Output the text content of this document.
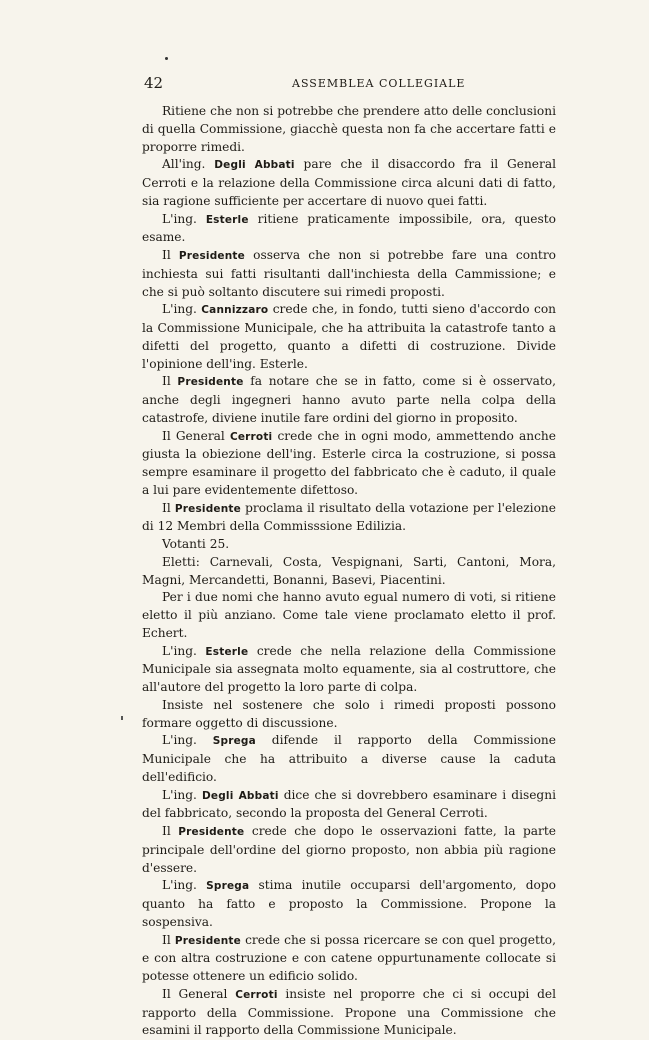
42	ASSEMBLEA COLLEGIALE

Ritiene che non si potrebbe che prendere atto delle conclusioni di quella Commissione, giacchè questa non fa che accertare fatti e proporre rimedi.

All'ing. Degli Abbati pare che il disaccordo fra il General Cerroti e la relazione della Commissione circa alcuni dati di fatto, sia ragione sufficiente per accertare di nuovo quei fatti.

L'ing. Esterle ritiene praticamente impossibile, ora, questo esame.

Il Presidente osserva che non si potrebbe fare una contro inchiesta sui fatti risultanti dall'inchiesta della Cammissione; e che si può soltanto discutere sui rimedi proposti.

L'ing. Cannizzaro crede che, in fondo, tutti sieno d'accordo con la Commissione Municipale, che ha attribuita la catastrofe tanto a difetti del progetto, quanto a difetti di costruzione. Divide l'opinione dell'ing. Esterle.

Il Presidente fa notare che se in fatto, come si è osservato, anche degli ingegneri hanno avuto parte nella colpa della catastrofe, diviene inutile fare ordini del giorno in proposito.

Il General Cerroti crede che in ogni modo, ammettendo anche giusta la obiezione dell'ing. Esterle circa la costruzione, si possa sempre esaminare il progetto del fabbricato che è caduto, il quale a lui pare evidentemente difettoso.

Il Presidente proclama il risultato della votazione per l'elezione di 12 Membri della Commisssione Edilizia.

Votanti 25.

Eletti: Carnevali, Costa, Vespignani, Sarti, Cantoni, Mora, Magni, Mercandetti, Bonanni, Basevi, Piacentini.

Per i due nomi che hanno avuto egual numero di voti, si ritiene eletto il più anziano. Come tale viene proclamato eletto il prof. Echert.

L'ing. Esterle crede che nella relazione della Commissione Municipale sia assegnata molto equamente, sia al costruttore, che all'autore del progetto la loro parte di colpa.

Insiste nel sostenere che solo i rimedi proposti possono formare oggetto di discussione.

L'ing. Sprega difende il rapporto della Commissione Municipale che ha attribuito a diverse cause la caduta dell'edificio.

L'ing. Degli Abbati dice che si dovrebbero esaminare i disegni del fabbricato, secondo la proposta del General Cerroti.

Il Presidente crede che dopo le osservazioni fatte, la parte principale dell'ordine del giorno proposto, non abbia più ragione d'essere.

L'ing. Sprega stima inutile occuparsi dell'argomento, dopo quanto ha fatto e proposto la Commissione. Propone la sospensiva.

Il Presidente crede che si possa ricercare se con quel progetto, e con altra costruzione e con catene oppurtunamente collocate si potesse ottenere un edificio solido.

Il General Cerroti insiste nel proporre che ci si occupi del rapporto della Commissione. Propone una Commissione che esamini il rapporto della Commissione Municipale.
